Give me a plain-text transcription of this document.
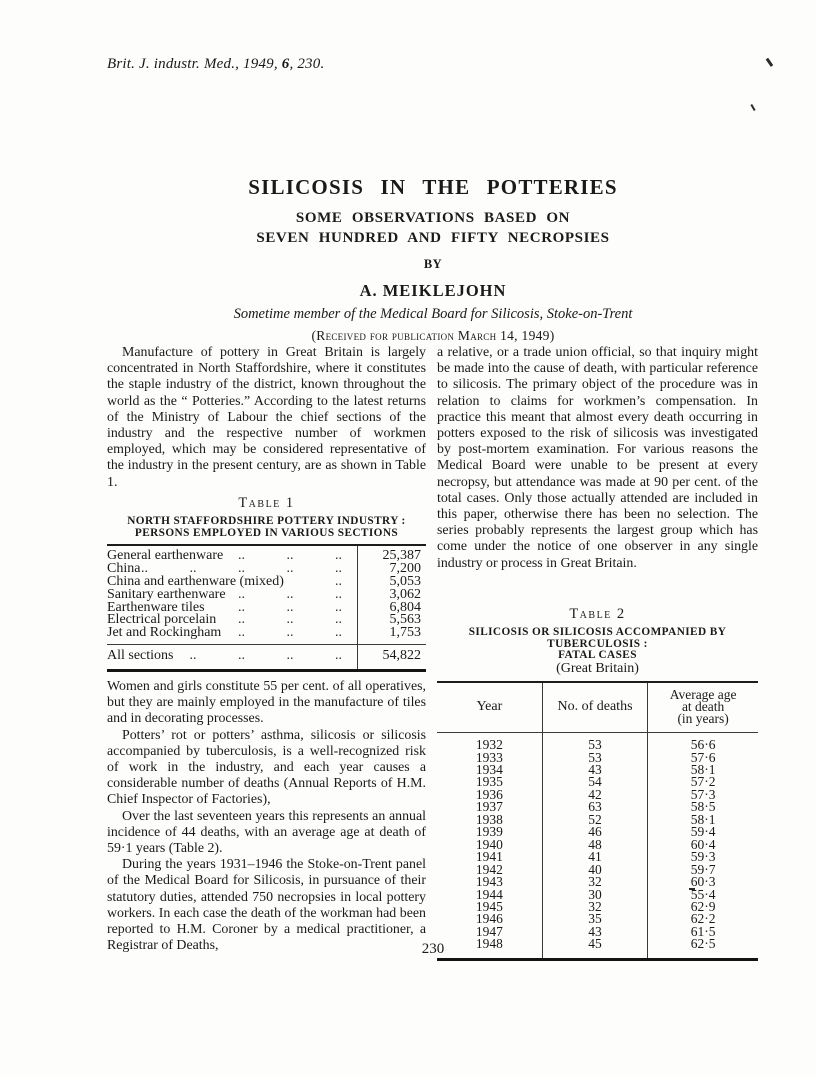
Brit. J. industr. Med., 1949, 6, 230.
SILICOSIS IN THE POTTERIES
SOME OBSERVATIONS BASED ON
SEVEN HUNDRED AND FIFTY NECROPSIES
BY
A. MEIKLEJOHN
Sometime member of the Medical Board for Silicosis, Stoke-on-Trent
(Received for publication March 14, 1949)

Manufacture of pottery in Great Britain is largely concentrated in North Staffordshire, where it constitutes the staple industry of the district, known throughout the world as the “ Potteries.” According to the latest returns of the Ministry of Labour the chief sections of the industry and the respective number of workmen employed, which may be considered representative of the industry in the present century, are as shown in Table 1.

Table 1
NORTH STAFFORDSHIRE POTTERY INDUSTRY :
PERSONS EMPLOYED IN VARIOUS SECTIONS
General earthenware	.. .. ..	25,387
China .. .. .. .. ..	7,200
China and earthenware (mixed)	..	5,053
Sanitary earthenware .. .. ..	3,062
Earthenware tiles	.. .. ..	6,804
Electrical porcelain	.. .. ..	5,563
Jet and Rockingham	.. .. ..	1,753
All sections	.. .. .. ..	54,822

Women and girls constitute 55 per cent. of all operatives, but they are mainly employed in the manufacture of tiles and in decorating processes.

Potters’ rot or potters’ asthma, silicosis or silicosis accompanied by tuberculosis, is a well-recognized risk of work in the industry, and each year causes a considerable number of deaths (Annual Reports of H.M. Chief Inspector of Factories),

Over the last seventeen years this represents an annual incidence of 44 deaths, with an average age at death of 59·1 years (Table 2).

During the years 1931–1946 the Stoke-on-Trent panel of the Medical Board for Silicosis, in pursuance of their statutory duties, attended 750 necropsies in local pottery workers. In each case the death of the workman had been reported to H.M. Coroner by a medical practitioner, a Registrar of Deaths,

a relative, or a trade union official, so that inquiry might be made into the cause of death, with particular reference to silicosis. The primary object of the procedure was in relation to claims for workmen’s compensation. In practice this meant that almost every death occurring in potters exposed to the risk of silicosis was investigated by post-mortem examination. For various reasons the Medical Board were unable to be present at every necropsy, but attendance was made at 90 per cent. of the total cases. Only those actually attended are included in this paper, otherwise there has been no selection. The series probably represents the largest group which has come under the notice of one observer in any single industry or process in Great Britain.

Table 2
SILICOSIS OR SILICOSIS ACCOMPANIED BY TUBERCULOSIS :
FATAL CASES
(Great Britain)
Year	No. of deaths	Average age
at death
(in years)

1932	53	56·6
1933	53	57·6
1934	43	58·1
1935	54	57·2
1936	42	57·3
1937	63	58·5
1938	52	58·1
1939	46	59·4
1940	48	60·4
1941	41	59·3
1942	40	59·7
1943	32	60·3
1944	30	55·4
1945	32	62·9
1946	35	62·2
1947	43	61·5
1948	45	62·5
230
